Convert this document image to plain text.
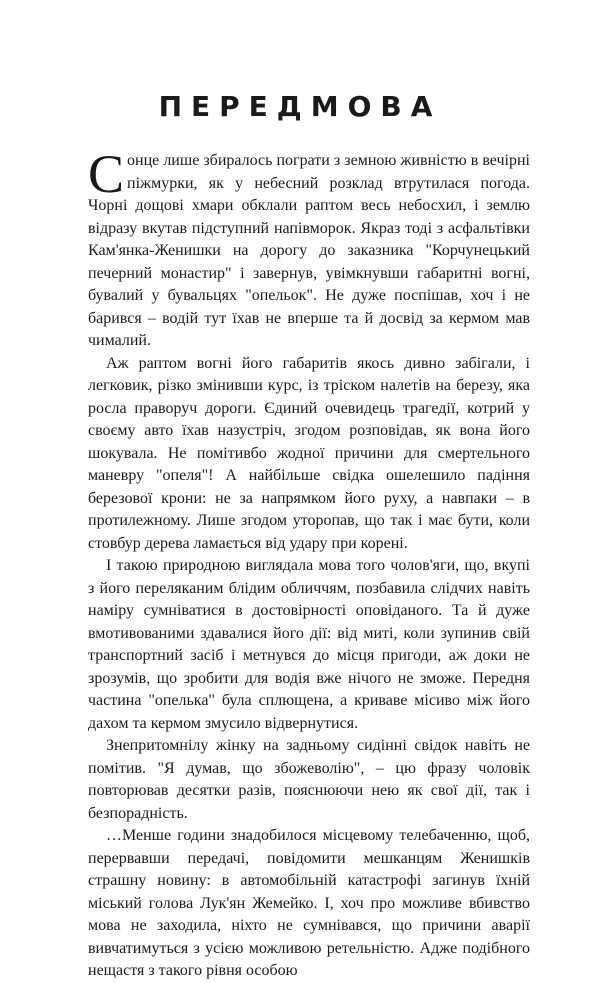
ПЕРЕДМОВА

Сонце лише збиралось пограти з земною живністю в вечірні піжмурки, як у небесний розклад втрутилася погода. Чорні дощові хмари обклали раптом весь небосхил, і землю відразу вкутав підступний напівморок. Якраз тоді з асфальтівки Кам'янка-Женишки на дорогу до заказника "Корчунецький печерний монастир" і завернув, увімкнувши габаритні вогні, бувалий у бувальцях "опельок". Не дуже поспішав, хоч і не барився – водій тут їхав не вперше та й досвід за кермом мав чималий.

Аж раптом вогні його габаритів якось дивно забігали, і легковик, різко змінивши курс, із тріском налетів на березу, яка росла праворуч дороги. Єдиний очевидець трагедії, котрий у своєму авто їхав назустріч, згодом розповідав, як вона його шокувала. Не помітивбо жодної причини для смертельного маневру "опеля"! А найбільше свідка ошелешило падіння березової крони: не за напрямком його руху, а навпаки – в протилежному. Лише згодом уторопав, що так і має бути, коли стовбур дерева ламається від удару при корені.

І такою природною виглядала мова того чолов'яги, що, вкупі з його переляканим блідим обличчям, позбавила слідчих навіть наміру сумніватися в достовірності оповіданого. Та й дуже вмотивованими здавалися його дії: від миті, коли зупинив свій транспортний засіб і метнувся до місця пригоди, аж доки не зрозумів, що зробити для водія вже нічого не зможе. Передня частина "опелька" була сплющена, а криваве місиво між його дахом та кермом змусило відвернутися.

Знепритомнілу жінку на задньому сидінні свідок навіть не помітив. "Я думав, що збожеволію", – цю фразу чоловік повторював десятки разів, пояснюючи нею як свої дії, так і безпорадність.

…Менше години знадобилося місцевому телебаченню, щоб, перервавши передачі, повідомити мешканцям Женишків страшну новину: в автомобільній катастрофі загинув їхній міський голова Лук'ян Жемейко. І, хоч про можливе вбивство мова не заходила, ніхто не сумнівався, що причини аварії вивчатимуться з усією можливою ретельністю. Адже подібного нещастя з такого рівня особою
